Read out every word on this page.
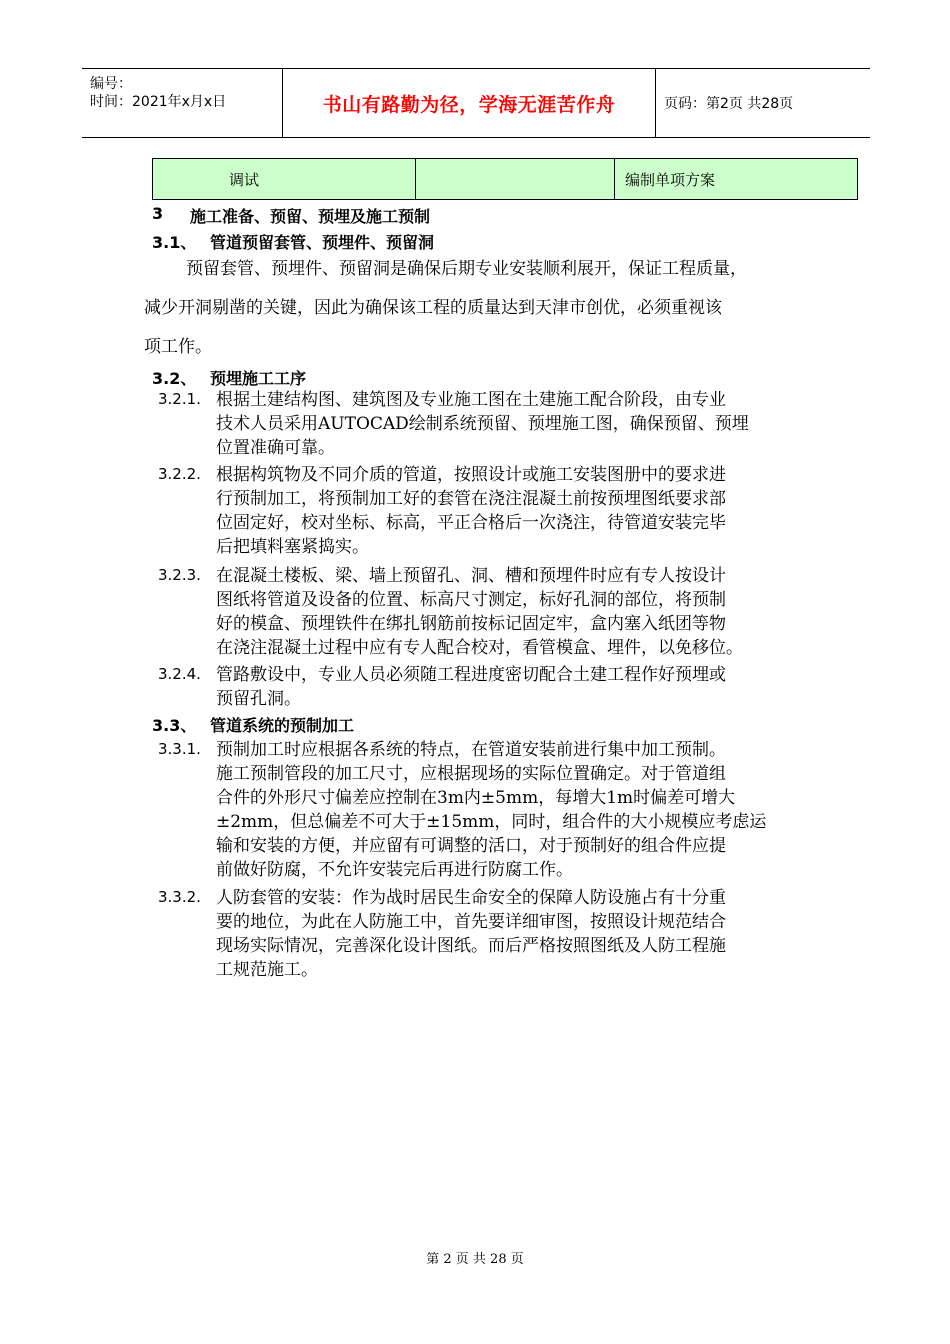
编号：
时间：2021年x月x日	书山有路勤为径，学海无涯苦作舟	页码：第2页 共28页
调试		编制单项方案
3 施工准备、预留、预埋及施工预制
3.1、 管道预留套管、预埋件、预留洞
预留套管、预埋件、预留洞是确保后期专业安装顺利展开，保证工程质量，
减少开洞剔凿的关键，因此为确保该工程的质量达到天津市创优，必须重视该
项工作。
3.2、 预埋施工工序
3.2.1. 根据土建结构图、建筑图及专业施工图在土建施工配合阶段，由专业
技术人员采用AUTOCAD绘制系统预留、预埋施工图，确保预留、预埋
位置准确可靠。
3.2.2. 根据构筑物及不同介质的管道，按照设计或施工安装图册中的要求进
行预制加工，将预制加工好的套管在浇注混凝土前按预埋图纸要求部
位固定好，校对坐标、标高，平正合格后一次浇注，待管道安装完毕
后把填料塞紧捣实。
3.2.3. 在混凝土楼板、梁、墙上预留孔、洞、槽和预埋件时应有专人按设计
图纸将管道及设备的位置、标高尺寸测定，标好孔洞的部位，将预制
好的模盒、预埋铁件在绑扎钢筋前按标记固定牢，盒内塞入纸团等物
在浇注混凝土过程中应有专人配合校对，看管模盒、埋件，以免移位。
3.2.4. 管路敷设中，专业人员必须随工程进度密切配合土建工程作好预埋或
预留孔洞。
3.3、 管道系统的预制加工
3.3.1. 预制加工时应根据各系统的特点，在管道安装前进行集中加工预制。
施工预制管段的加工尺寸，应根据现场的实际位置确定。对于管道组
合件的外形尺寸偏差应控制在3m内±5mm，每增大1m时偏差可增大
±2mm，但总偏差不可大于±15mm，同时，组合件的大小规模应考虑运
输和安装的方便，并应留有可调整的活口，对于预制好的组合件应提
前做好防腐，不允许安装完后再进行防腐工作。
3.3.2. 人防套管的安装：作为战时居民生命安全的保障人防设施占有十分重
要的地位，为此在人防施工中，首先要详细审图，按照设计规范结合
现场实际情况，完善深化设计图纸。而后严格按照图纸及人防工程施
工规范施工。
第 2 页 共 28 页
